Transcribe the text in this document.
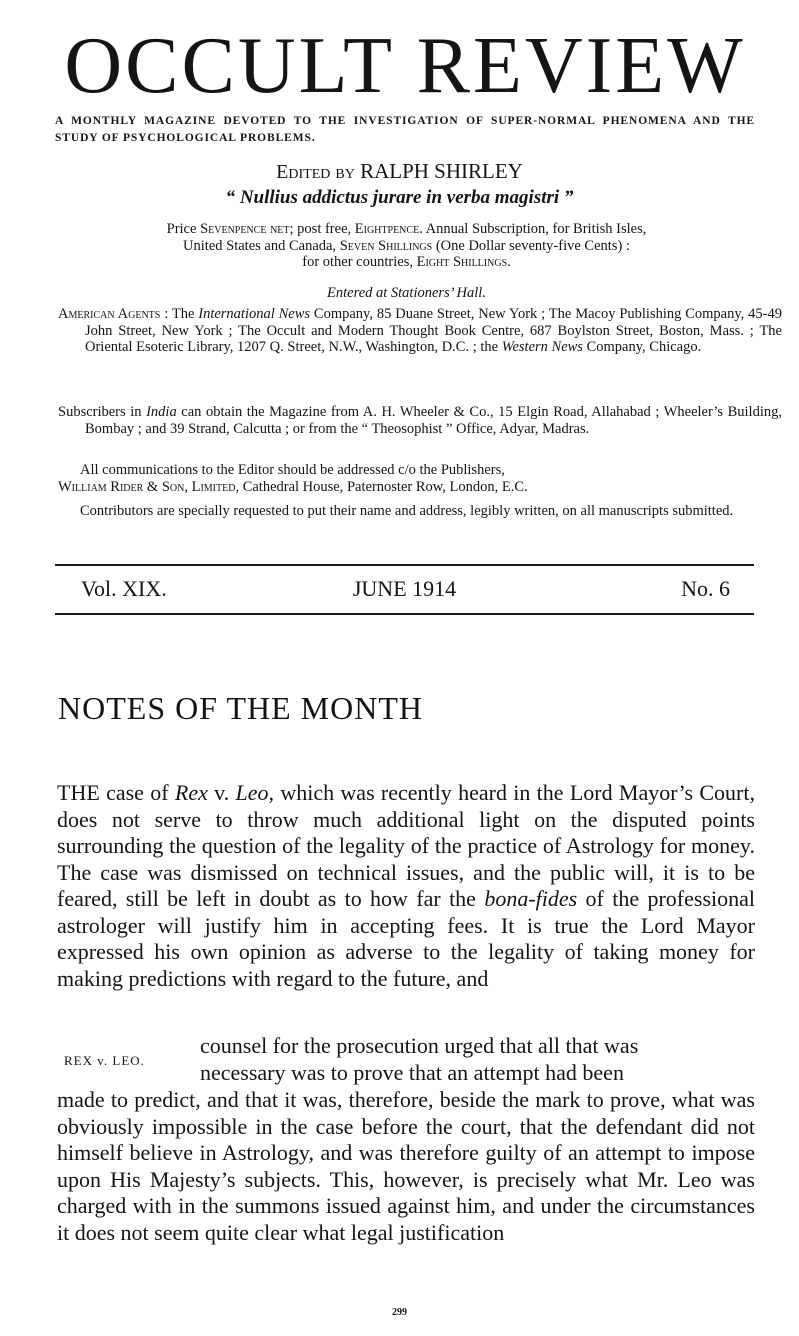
OCCULT REVIEW
A MONTHLY MAGAZINE DEVOTED TO THE INVESTIGATION OF SUPER-NORMAL PHENOMENA AND THE STUDY OF PSYCHOLOGICAL PROBLEMS.
Edited by RALPH SHIRLEY
“ Nullius addictus jurare in verba magistri ”
Price Sevenpence net; post free, Eightpence. Annual Subscription, for British Isles,
United States and Canada, Seven Shillings (One Dollar seventy-five Cents) :
for other countries, Eight Shillings.
Entered at Stationers’ Hall.
American Agents : The International News Company, 85 Duane Street, New York ; The Macoy Publishing Company, 45-49 John Street, New York ; The Occult and Modern Thought Book Centre, 687 Boylston Street, Boston, Mass. ; The Oriental Esoteric Library, 1207 Q. Street, N.W., Washington, D.C. ; the Western News Company, Chicago.
Subscribers in India can obtain the Magazine from A. H. Wheeler & Co., 15 Elgin Road, Allahabad ; Wheeler’s Building, Bombay ; and 39 Strand, Calcutta ; or from the “ Theosophist ” Office, Adyar, Madras.
All communications to the Editor should be addressed c/o the Publishers,
William Rider & Son, Limited, Cathedral House, Paternoster Row, London, E.C.
Contributors are specially requested to put their name and address, legibly written, on all manuscripts submitted.
Vol. XIX.	JUNE 1914	No. 6
NOTES OF THE MONTH
THE case of Rex v. Leo, which was recently heard in the Lord Mayor’s Court, does not serve to throw much additional light on the disputed points surrounding the question of the legality of the practice of Astrology for money. The case was dismissed on technical issues, and the public will, it is to be feared, still be left in doubt as to how far the bona-fides of the professional astrologer will justify him in accepting fees. It is true the Lord Mayor expressed his own opinion as adverse to the legality of taking money for making predictions with regard to the future, and
REX v. LEO.
counsel for the prosecution urged that all that was
necessary was to prove that an attempt had been
made to predict, and that it was, therefore, beside the mark to prove, what was obviously impossible in the case before the court, that the defendant did not himself believe in Astrology, and was therefore guilty of an attempt to impose upon His Majesty’s subjects. This, however, is precisely what Mr. Leo was charged with in the summons issued against him, and under the circumstances it does not seem quite clear what legal justification
299
